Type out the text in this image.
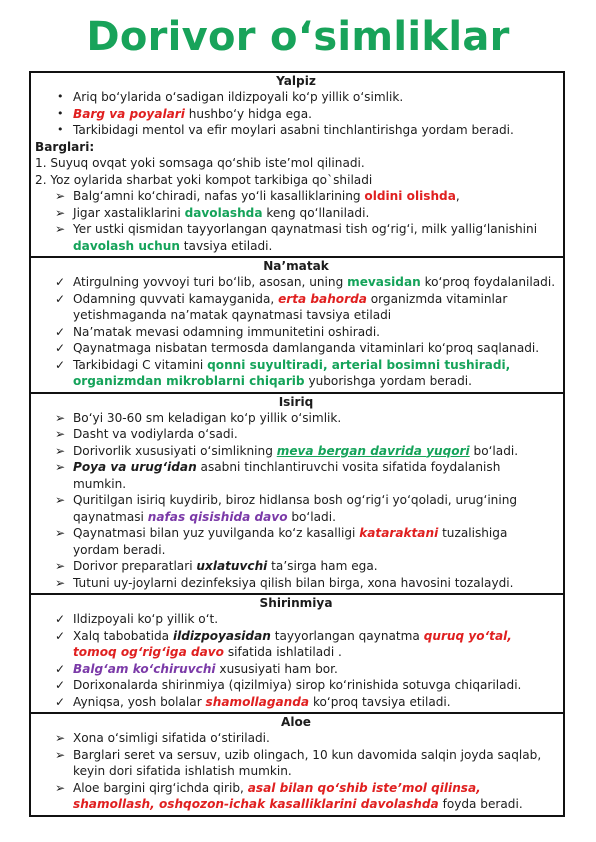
Dorivor o‘simliklar
Yalpiz
• Ariq bo‘ylarida o‘sadigan ildizpoyali ko‘p yillik o‘simlik.
• Barg va poyalari hushbo‘y hidga ega.
• Tarkibidagi mentol va efir moylari asabni tinchlantirishga yordam beradi.
Barglari:
1. Suyuq ovqat yoki somsaga qo‘shib iste’mol qilinadi.
2. Yoz oylarida sharbat yoki kompot tarkibiga qo`shiladi
➢ Balg‘amni ko‘chiradi, nafas yo‘li kasalliklarining oldini olishda,
➢ Jigar xastaliklarini davolashda keng qo‘llaniladi.
➢ Yer ustki qismidan tayyorlangan qaynatmasi tish og‘rig‘i, milk yallig‘lanishini davolash uchun tavsiya etiladi.
Na’matak
✓ Atirgulning yovvoyi turi bo‘lib, asosan, uning mevasidan ko‘proq foydalaniladi.
✓ Odamning quvvati kamayganida, erta bahorda organizmda vitaminlar yetishmaganda na’matak qaynatmasi tavsiya etiladi
✓ Na’matak mevasi odamning immunitetini oshiradi.
✓ Qaynatmaga nisbatan termosda damlanganda vitaminlari ko‘proq saqlanadi.
✓ Tarkibidagi C vitamini qonni suyultiradi, arterial bosimni tushiradi, organizmdan mikroblarni chiqarib yuborishga yordam beradi.
Isiriq
➢ Bo‘yi 30-60 sm keladigan ko‘p yillik o‘simlik.
➢ Dasht va vodiylarda o‘sadi.
➢ Dorivorlik xususiyati o‘simlikning meva bergan davrida yuqori bo‘ladi.
➢ Poya va urug‘idan asabni tinchlantiruvchi vosita sifatida foydalanish mumkin.
➢ Quritilgan isiriq kuydirib, biroz hidlansa bosh og‘rig‘i yo‘qoladi, urug‘ining qaynatmasi nafas qisishida davo bo‘ladi.
➢ Qaynatmasi bilan yuz yuvilganda ko‘z kasalligi kataraktani tuzalishiga yordam beradi.
➢ Dorivor preparatlari uxlatuvchi ta’sirga ham ega.
➢ Tutuni uy-joylarni dezinfeksiya qilish bilan birga, xona havosini tozalaydi.
Shirinmiya
✓ Ildizpoyali ko‘p yillik o‘t.
✓ Xalq tabobatida ildizpoyasidan tayyorlangan qaynatma quruq yo‘tal, tomoq og‘rig‘iga davo sifatida ishlatiladi .
✓ Balg‘am ko‘chiruvchi xususiyati ham bor.
✓ Dorixonalarda shirinmiya (qizilmiya) sirop ko‘rinishida sotuvga chiqariladi.
✓ Ayniqsa, yosh bolalar shamollaganda ko‘proq tavsiya etiladi.
Aloe
➢ Xona o‘simligi sifatida o‘stiriladi.
➢ Barglari seret va sersuv, uzib olingach, 10 kun davomida salqin joyda saqlab, keyin dori sifatida ishlatish mumkin.
➢ Aloe bargini qirg‘ichda qirib, asal bilan qo‘shib iste’mol qilinsa, shamollash, oshqozon-ichak kasalliklarini davolashda foyda beradi.
